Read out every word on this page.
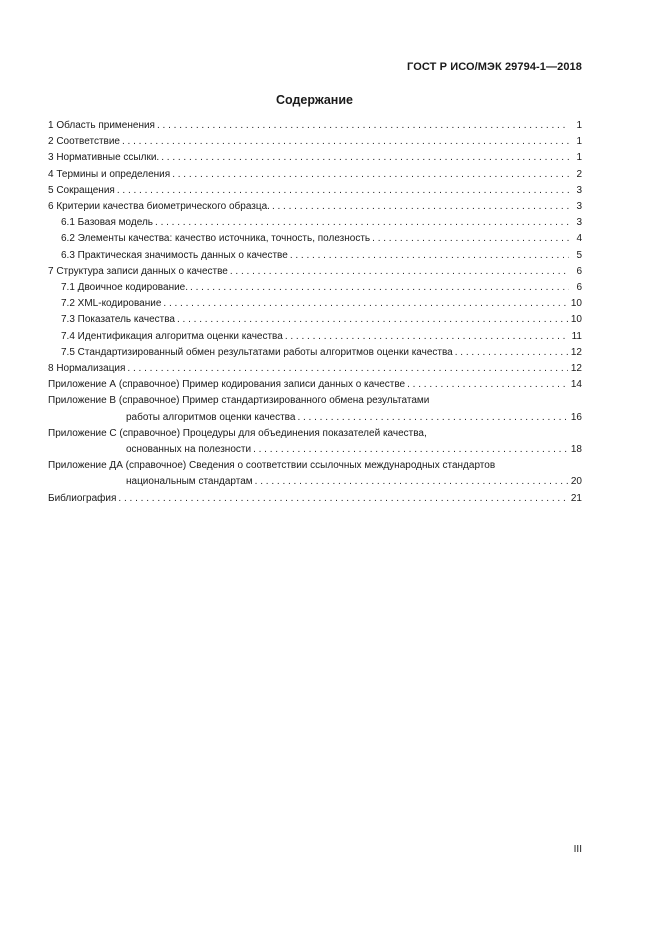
ГОСТ Р ИСО/МЭК 29794-1—2018
Содержание
1 Область применения . . .	1
2 Соответствие . . .	1
3 Нормативные ссылки. . . .	1
4 Термины и определения . . .	2
5 Сокращения . . .	3
6 Критерии качества биометрического образца. . . .	3
6.1 Базовая модель . . .	3
6.2 Элементы качества: качество источника, точность, полезность . . .	4
6.3 Практическая значимость данных о качестве . . .	5
7 Структура записи данных о качестве . . .	6
7.1 Двоичное кодирование. . . .	6
7.2 XML-кодирование . . .	10
7.3 Показатель качества . . .	10
7.4 Идентификация алгоритма оценки качества . . .	11
7.5 Стандартизированный обмен результатами работы алгоритмов оценки качества . . .	12
8 Нормализация . . .	12
Приложение А (справочное) Пример кодирования записи данных о качестве . . .	14
Приложение В (справочное) Пример стандартизированного обмена результатами
работы алгоритмов оценки качества . . .	16
Приложение С (справочное) Процедуры для объединения показателей качества,
основанных на полезности . . .	18
Приложение ДА (справочное) Сведения о соответствии ссылочных международных стандартов
национальным стандартам . . .	20
Библиография . . .	21
III
